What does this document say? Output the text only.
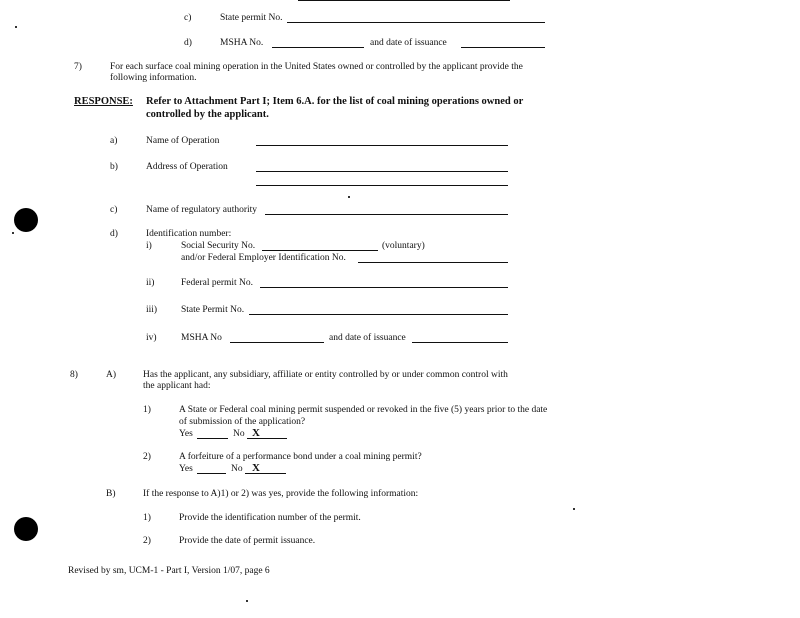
c)	State permit No.
d)	MSHA No.	and date of issuance
7)	For each surface coal mining operation in the United States owned or controlled by the applicant provide the
following information.
RESPONSE: Refer to Attachment Part I; Item 6.A. for the list of coal mining operations owned or
controlled by the applicant.
a)	Name of Operation
b)	Address of Operation
c)	Name of regulatory authority
d)	Identification number:
i)	Social Security No.	(voluntary)
and/or Federal Employer Identification No.
ii)	Federal permit No.
iii)	State Permit No.
iv)	MSHA No	and date of issuance
8)	A)	Has the applicant, any subsidiary, affiliate or entity controlled by or under common control with
the applicant had:
1)	A State or Federal coal mining permit suspended or revoked in the five (5) years prior to the date
of submission of the application?
Yes	No X
2)	A forfeiture of a performance bond under a coal mining permit?
Yes	No X
B)	If the response to A)1) or 2) was yes, provide the following information:
1)	Provide the identification number of the permit.
2)	Provide the date of permit issuance.
Revised by sm, UCM-1 - Part I, Version 1/07, page 6
